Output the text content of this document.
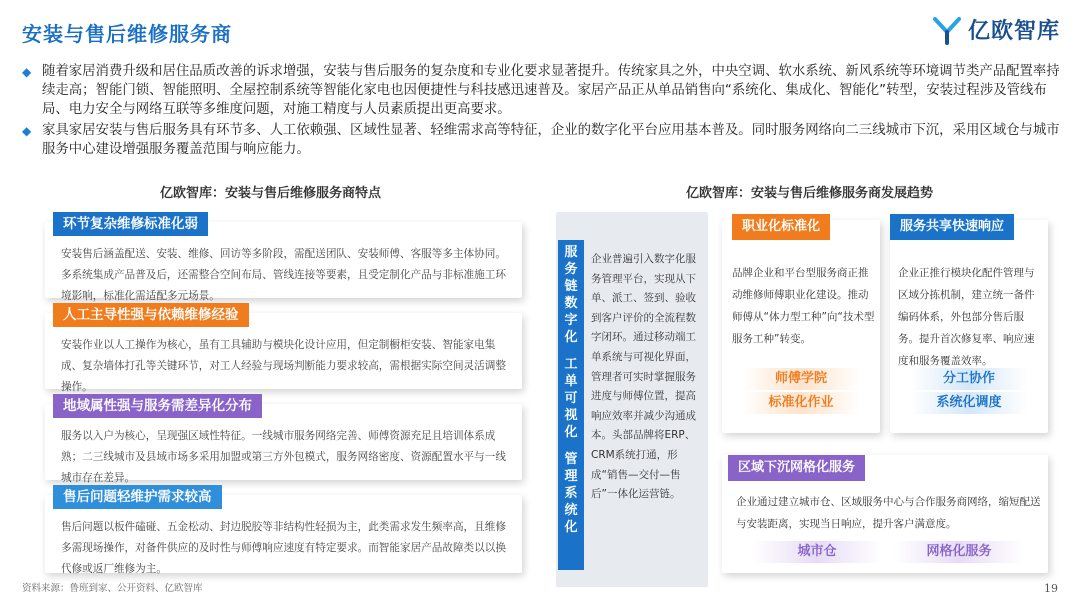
安装与售后维修服务商	亿欧智库
◆ 随着家居消费升级和居住品质改善的诉求增强，安装与售后服务的复杂度和专业化要求显著提升。传统家具之外，中央空调、软水系统、新风系统等环境调节类产品配置率持续走高；智能门锁、智能照明、全屋控制系统等智能化家电也因便捷性与科技感迅速普及。家居产品正从单品销售向“系统化、集成化、智能化”转型，安装过程涉及管线布局、电力安全与网络互联等多维度问题，对施工精度与人员素质提出更高要求。
◆ 家具家居安装与售后服务具有环节多、人工依赖强、区域性显著、轻维需求高等特征，企业的数字化平台应用基本普及。同时服务网络向二三线城市下沉，采用区域仓与城市服务中心建设增强服务覆盖范围与响应能力。
亿欧智库：安装与售后维修服务商特点	亿欧智库：安装与售后维修服务商发展趋势
环节复杂维修标准化弱
安装售后涵盖配送、安装、维修、回访等多阶段，需配送团队、安装师傅、客服等多主体协同。多系统集成产品普及后，还需整合空间布局、管线连接等要素，且受定制化产品与非标准施工环境影响，标准化需适配多元场景。
人工主导性强与依赖维修经验
安装作业以人工操作为核心，虽有工具辅助与模块化设计应用，但定制橱柜安装、智能家电集成、复杂墙体打孔等关键环节，对工人经验与现场判断能力要求较高，需根据实际空间灵活调整操作。
地域属性强与服务需差异化分布
服务以入户为核心，呈现强区域性特征。一线城市服务网络完善、师傅资源充足且培训体系成熟；二三线城市及县域市场多采用加盟或第三方外包模式，服务网络密度、资源配置水平与一线城市存在差异。
售后问题轻维护需求较高
售后问题以板件磕碰、五金松动、封边脱胶等非结构性轻损为主，此类需求发生频率高，且维修多需现场操作，对备件供应的及时性与师傅响应速度有特定要求。而智能家居产品故障类以以换代修或返厂维修为主。
服
务
链
数
字
化
工
单
可
视
化
管
理
系
统
化
企业普遍引入数字化服务管理平台，实现从下单、派工、签到、验收到客户评价的全流程数字闭环。通过移动端工单系统与可视化界面，管理者可实时掌握服务进度与师傅位置，提高响应效率并减少沟通成本。头部品牌将ERP、CRM系统打通，形成“销售—交付—售后”一体化运营链。
职业化标准化
品牌企业和平台型服务商正推动维修师傅职业化建设。推动师傅从“体力型工种”向“技术型服务工种”转变。
师傅学院
标准化作业
服务共享快速响应
企业正推行模块化配件管理与区域分拣机制，建立统一备件编码体系，外包部分售后服务。提升首次修复率、响应速度和服务覆盖效率。
分工协作
系统化调度
区域下沉网格化服务
企业通过建立城市仓、区域服务中心与合作服务商网络，缩短配送与安装距离，实现当日响应，提升客户满意度。
城市仓	网格化服务
资料来源：鲁班到家、公开资料、亿欧智库	19
